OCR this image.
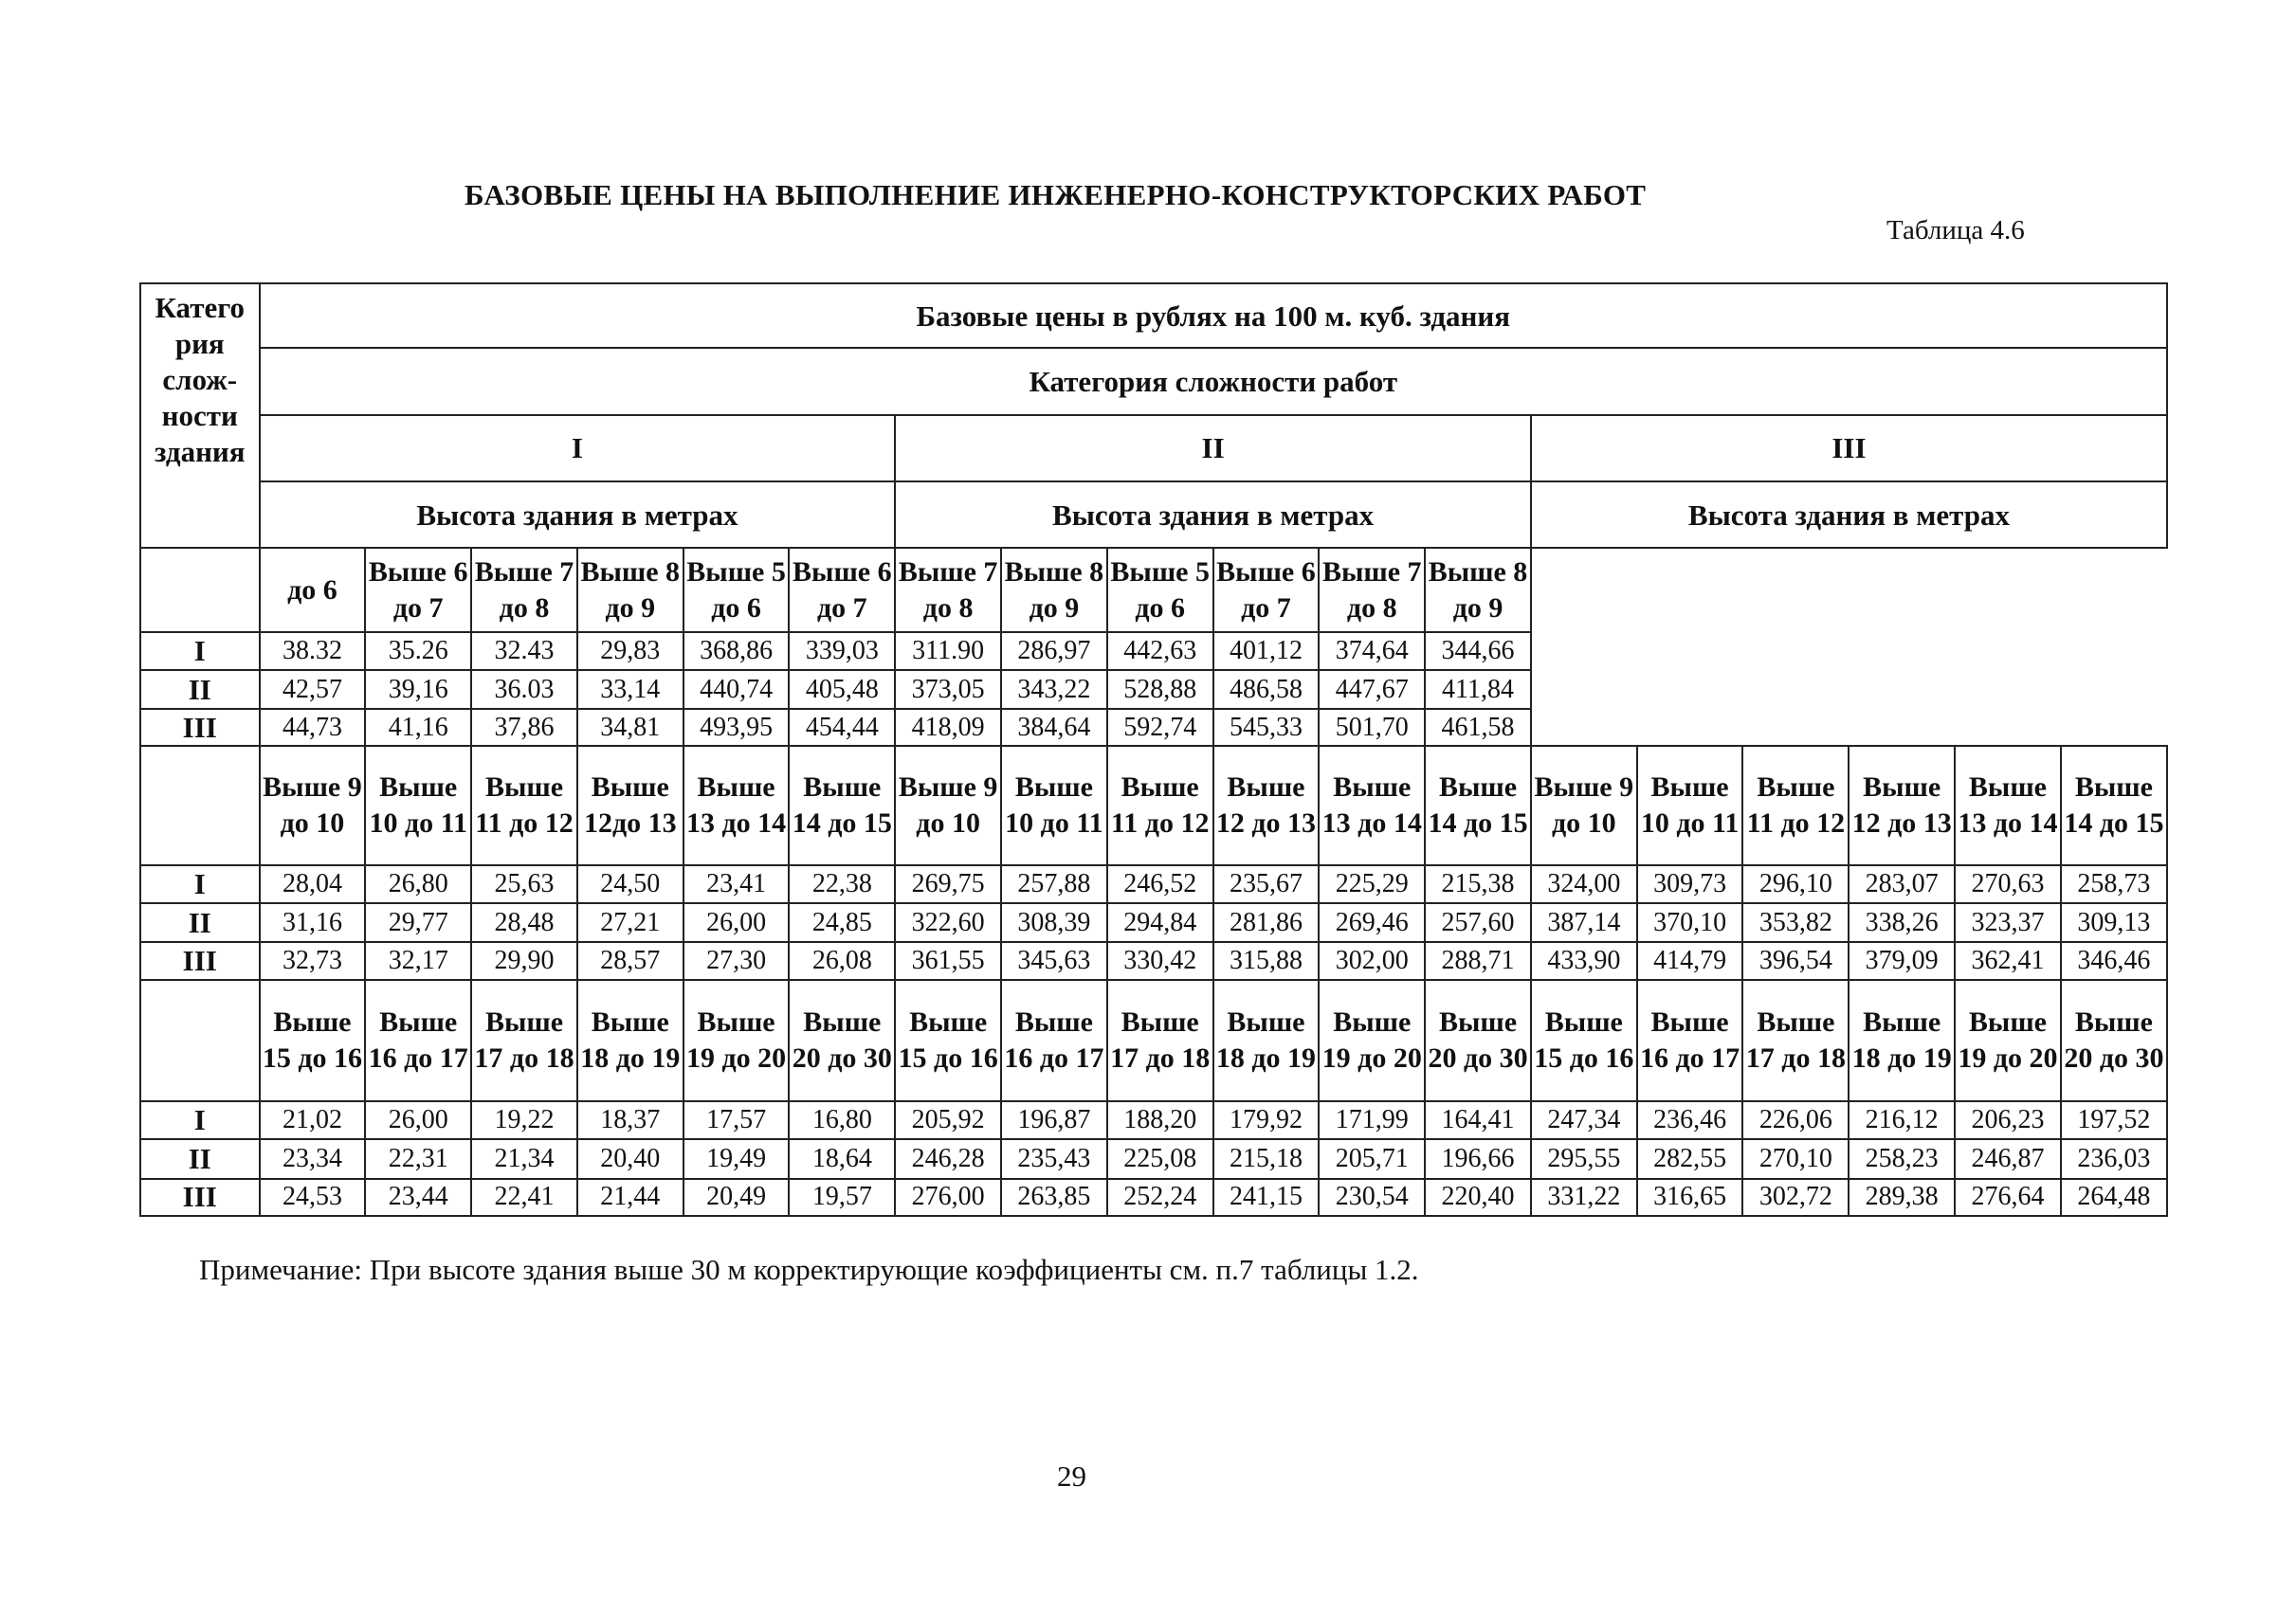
БАЗОВЫЕ ЦЕНЫ НА ВЫПОЛНЕНИЕ ИНЖЕНЕРНО-КОНСТРУКТОРСКИХ РАБОТ
Таблица 4.6
Катего рия слож- ности здания	Базовые цены в рублях на 100 м. куб. здания																	
	Категория сложности работ																	
	I						II						III					
	Высота здания в метрах						Высота здания в метрах						Высота здания в метрах					
	до 6	Выше 6 до 7	Выше 7 до 8	Выше 8 до 9	Выше 5 до 6	Выше 6 до 7	Выше 7 до 8	Выше 8 до 9	Выше 5 до 6	Выше 6 до 7	Выше 7 до 8	Выше 8 до 9						
I	38.32	35.26	32.43	29,83	368,86	339,03	311.90	286,97	442,63	401,12	374,64	344,66						
II	42,57	39,16	36.03	33,14	440,74	405,48	373,05	343,22	528,88	486,58	447,67	411,84						
III	44,73	41,16	37,86	34,81	493,95	454,44	418,09	384,64	592,74	545,33	501,70	461,58						
	Выше 9 до 10	Выше 10 до 11	Выше 11 до 12	Выше 12до 13	Выше 13 до 14	Выше 14 до 15	Выше 9 до 10	Выше 10 до 11	Выше 11 до 12	Выше 12 до 13	Выше 13 до 14	Выше 14 до 15	Выше 9 до 10	Выше 10 до 11	Выше 11 до 12	Выше 12 до 13	Выше 13 до 14	Выше 14 до 15
I	28,04	26,80	25,63	24,50	23,41	22,38	269,75	257,88	246,52	235,67	225,29	215,38	324,00	309,73	296,10	283,07	270,63	258,73
II	31,16	29,77	28,48	27,21	26,00	24,85	322,60	308,39	294,84	281,86	269,46	257,60	387,14	370,10	353,82	338,26	323,37	309,13
III	32,73	32,17	29,90	28,57	27,30	26,08	361,55	345,63	330,42	315,88	302,00	288,71	433,90	414,79	396,54	379,09	362,41	346,46
	Выше 15 до 16	Выше 16 до 17	Выше 17 до 18	Выше 18 до 19	Выше 19 до 20	Выше 20 до 30	Выше 15 до 16	Выше 16 до 17	Выше 17 до 18	Выше 18 до 19	Выше 19 до 20	Выше 20 до 30	Выше 15 до 16	Выше 16 до 17	Выше 17 до 18	Выше 18 до 19	Выше 19 до 20	Выше 20 до 30
I	21,02	26,00	19,22	18,37	17,57	16,80	205,92	196,87	188,20	179,92	171,99	164,41	247,34	236,46	226,06	216,12	206,23	197,52
II	23,34	22,31	21,34	20,40	19,49	18,64	246,28	235,43	225,08	215,18	205,71	196,66	295,55	282,55	270,10	258,23	246,87	236,03
III	24,53	23,44	22,41	21,44	20,49	19,57	276,00	263,85	252,24	241,15	230,54	220,40	331,22	316,65	302,72	289,38	276,64	264,48
Примечание: При высоте здания выше 30 м корректирующие коэффициенты см. п.7 таблицы 1.2.
29
